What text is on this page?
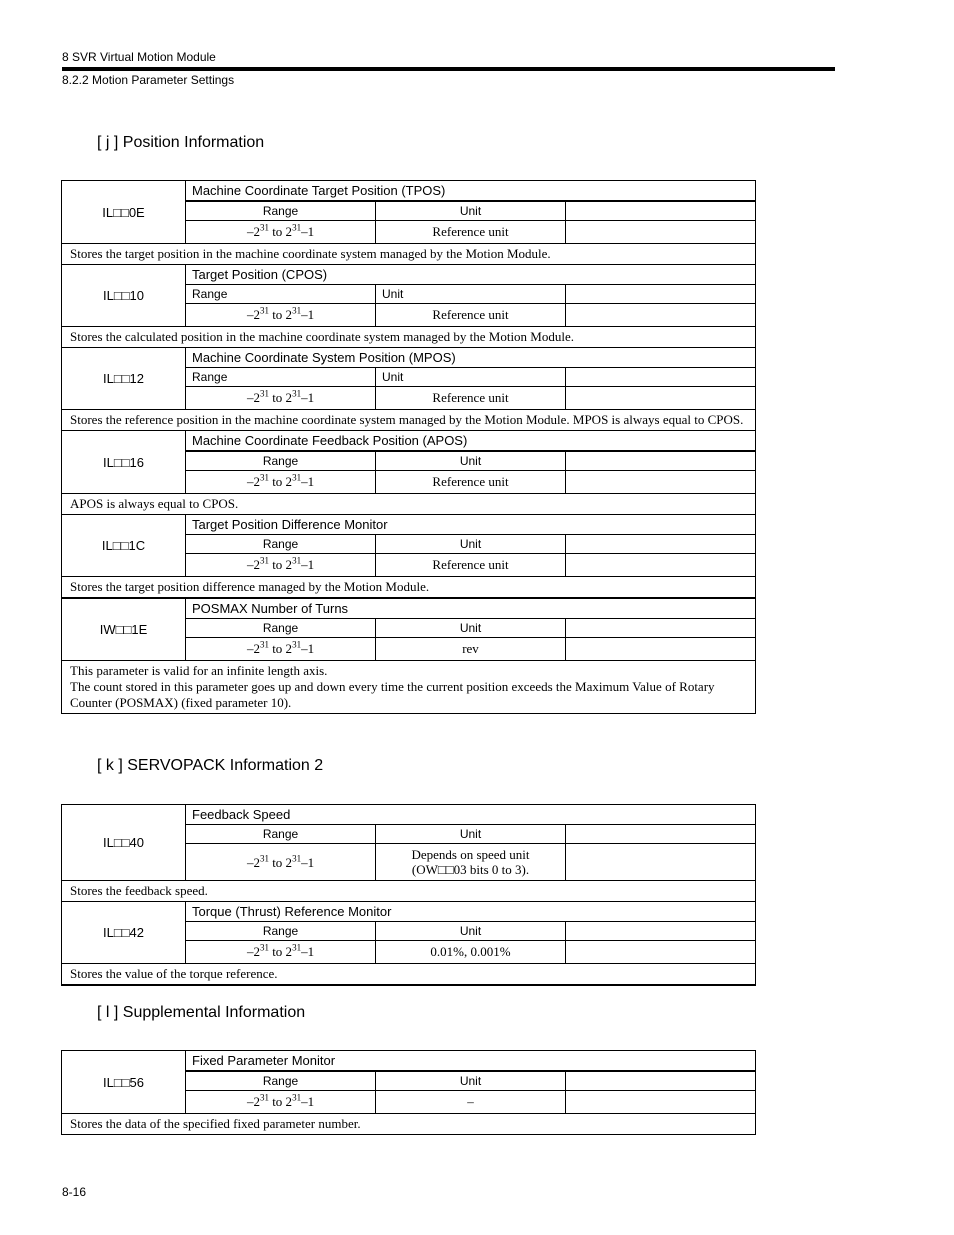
8 SVR Virtual Motion Module
8.2.2 Motion Parameter Settings
[ j ] Position Information
IL□□0E	Machine Coordinate Target Position (TPOS)		
	Range	Unit	
	$-2^{31}$ to $2^{31}-1$	Reference unit	
Stores the target position in the machine coordinate system managed by the Motion Module.			
IL□□10	Target Position (CPOS)		
	Range	Unit	
	$-2^{31}$ to $2^{31}-1$	Reference unit	
Stores the calculated position in the machine coordinate system managed by the Motion Module.			
IL□□12	Machine Coordinate System Position (MPOS)		
	Range	Unit	
	$-2^{31}$ to $2^{31}-1$	Reference unit	
Stores the reference position in the machine coordinate system managed by the Motion Module. MPOS is always equal to CPOS.			
IL□□16	Machine Coordinate Feedback Position (APOS)		
	Range	Unit	
	$-2^{31}$ to $2^{31}-1$	Reference unit	
APOS is always equal to CPOS.			
IL□□1C	Target Position Difference Monitor		
	Range	Unit	
	$-2^{31}$ to $2^{31}-1$	Reference unit	
Stores the target position difference managed by the Motion Module.			
IW□□1E	POSMAX Number of Turns		
	Range	Unit	
	$-2^{31}$ to $2^{31}-1$	rev	
This parameter is valid for an infinite length axis.
The count stored in this parameter goes up and down every time the current position exceeds the Maximum Value of Rotary
Counter (POSMAX) (fixed parameter 10).			
[ k ] SERVOPACK Information 2
IL□□40	Feedback Speed		
	Range	Unit	
	$-2^{31}$ to $2^{31}-1$	Depends on speed unit
(OW□□03 bits 0 to 3).	
Stores the feedback speed.			
IL□□42	Torque (Thrust) Reference Monitor		
	Range	Unit	
	$-2^{31}$ to $2^{31}-1$	0.01%, 0.001%	
Stores the value of the torque reference.			
[ l ] Supplemental Information
IL□□56	Fixed Parameter Monitor		
	Range	Unit	
	$-2^{31}$ to $2^{31}-1$	–	
Stores the data of the specified fixed parameter number.			
8-16
